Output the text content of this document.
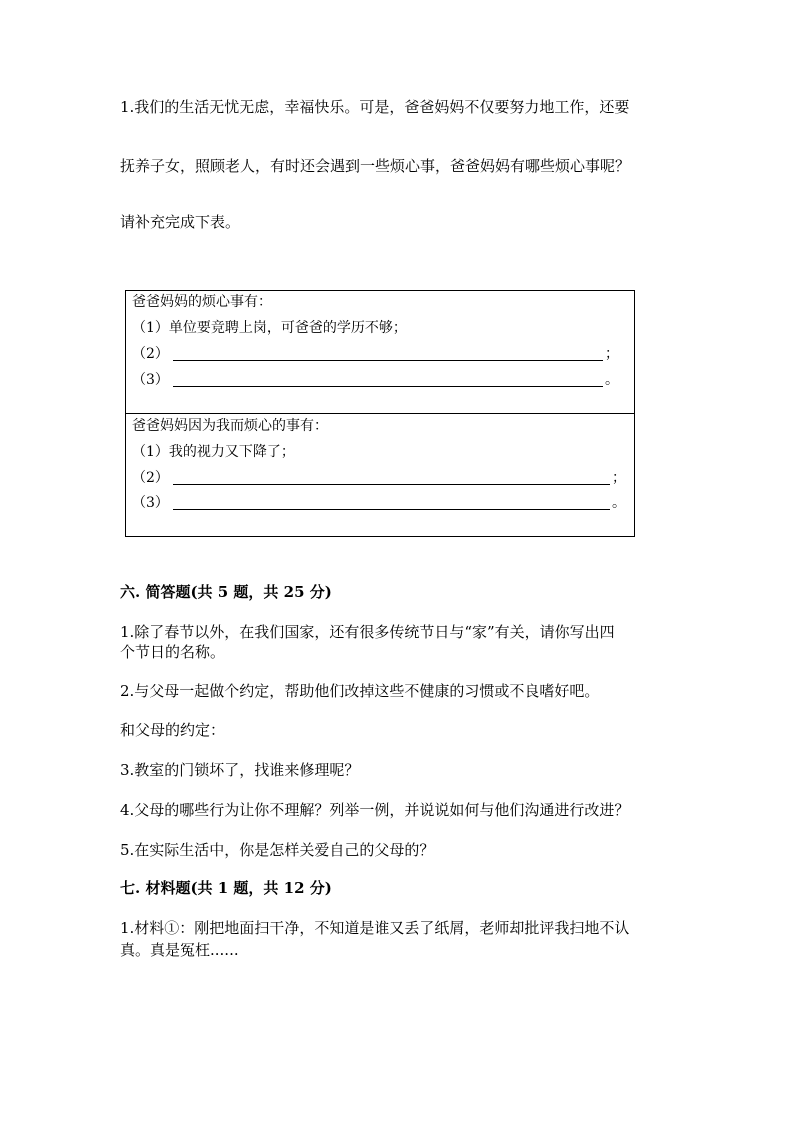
1.我们的生活无忧无虑，幸福快乐。可是，爸爸妈妈不仅要努力地工作，还要
抚养子女，照顾老人，有时还会遇到一些烦心事，爸爸妈妈有哪些烦心事呢？
请补充完成下表。
爸爸妈妈的烦心事有：
（1）单位要竞聘上岗，可爸爸的学历不够；
（2）	；
（3）	。
爸爸妈妈因为我而烦心的事有：
（1）我的视力又下降了；
（2）	；
（3）	。
六. 简答题(共 5 题，共 25 分)
1.除了春节以外，在我们国家，还有很多传统节日与“家”有关，请你写出四
个节日的名称。
2.与父母一起做个约定，帮助他们改掉这些不健康的习惯或不良嗜好吧。
和父母的约定：
3.教室的门锁坏了，找谁来修理呢？
4.父母的哪些行为让你不理解？列举一例，并说说如何与他们沟通进行改进？
5.在实际生活中，你是怎样关爱自己的父母的？
七. 材料题(共 1 题，共 12 分)
1.材料①：刚把地面扫干净，不知道是谁又丢了纸屑，老师却批评我扫地不认
真。真是冤枉......
